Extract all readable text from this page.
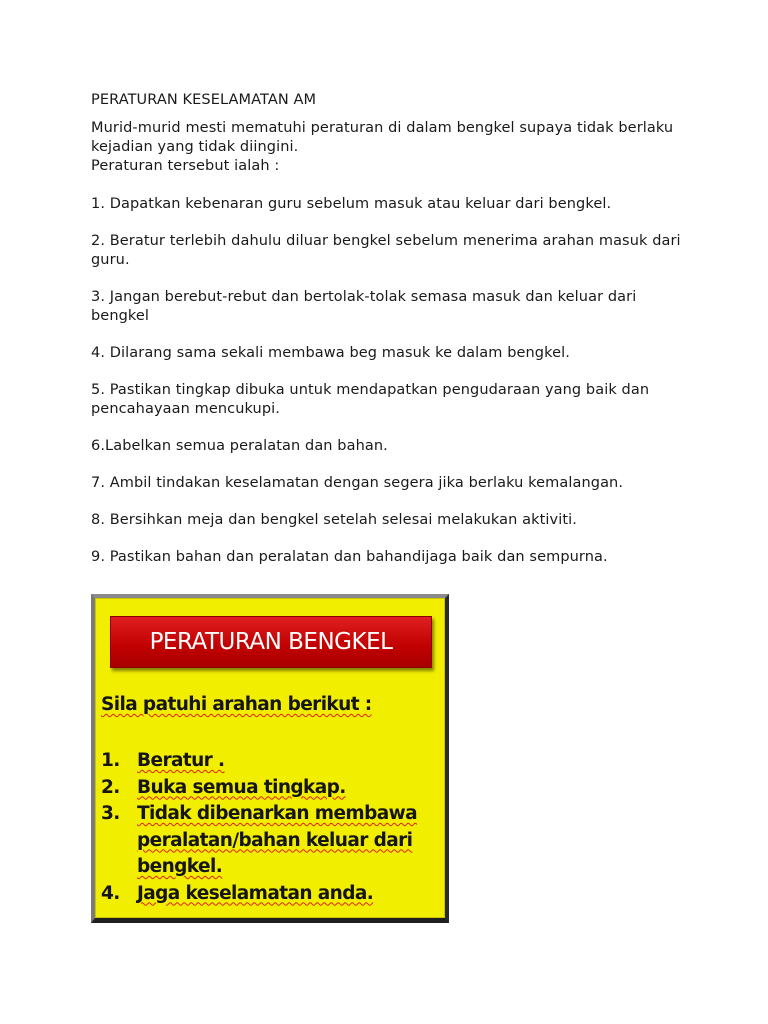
PERATURAN KESELAMATAN AM

Murid-murid mesti mematuhi peraturan di dalam bengkel supaya tidak berlaku kejadian yang tidak diingini.

Peraturan tersebut ialah :

1. Dapatkan kebenaran guru sebelum masuk atau keluar dari bengkel.
2. Beratur terlebih dahulu diluar bengkel sebelum menerima arahan masuk dari guru.
3. Jangan berebut-rebut dan bertolak-tolak semasa masuk dan keluar dari bengkel
4. Dilarang sama sekali membawa beg masuk ke dalam bengkel.
5. Pastikan tingkap dibuka untuk mendapatkan pengudaraan yang baik dan pencahayaan mencukupi.
6.Labelkan semua peralatan dan bahan.
7. Ambil tindakan keselamatan dengan segera jika berlaku kemalangan.
8. Bersihkan meja dan bengkel setelah selesai melakukan aktiviti.
9. Pastikan bahan dan peralatan dan bahandijaga baik dan sempurna.
PERATURAN BENGKEL
Sila patuhi arahan berikut :
1. Beratur .
2. Buka semua tingkap.
3. Tidak dibenarkan membawa
peralatan/bahan keluar dari
bengkel.
4. Jaga keselamatan anda.
